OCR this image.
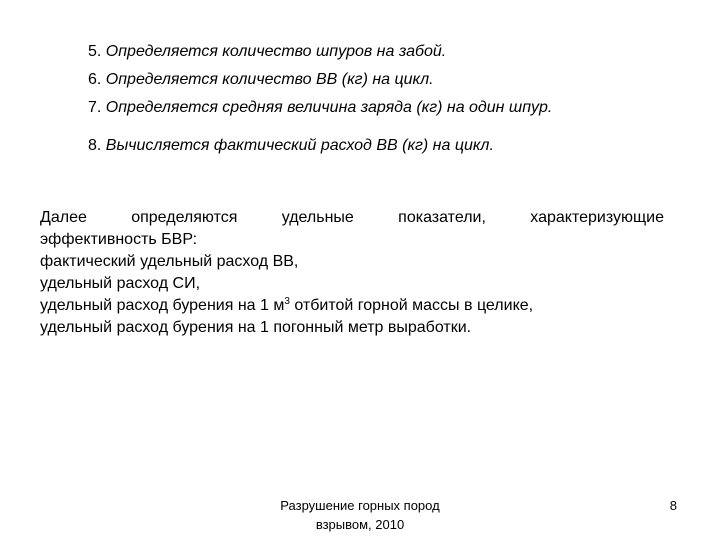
5. Определяется количество шпуров на забой.
6. Определяется количество ВВ (кг) на цикл.
7. Определяется средняя величина заряда (кг) на один шпур.
8. Вычисляется фактический расход ВВ (кг) на цикл.
Далее	определяются	удельные	показатели,	характеризующие
эффективность БВР:
фактический удельный расход ВВ,
удельный расход СИ,
удельный расход бурения на 1 $м^3$ отбитой горной массы в целике,
удельный расход бурения на 1 погонный метр выработки.
Разрушение горных пород
взрывом, 2010
8
